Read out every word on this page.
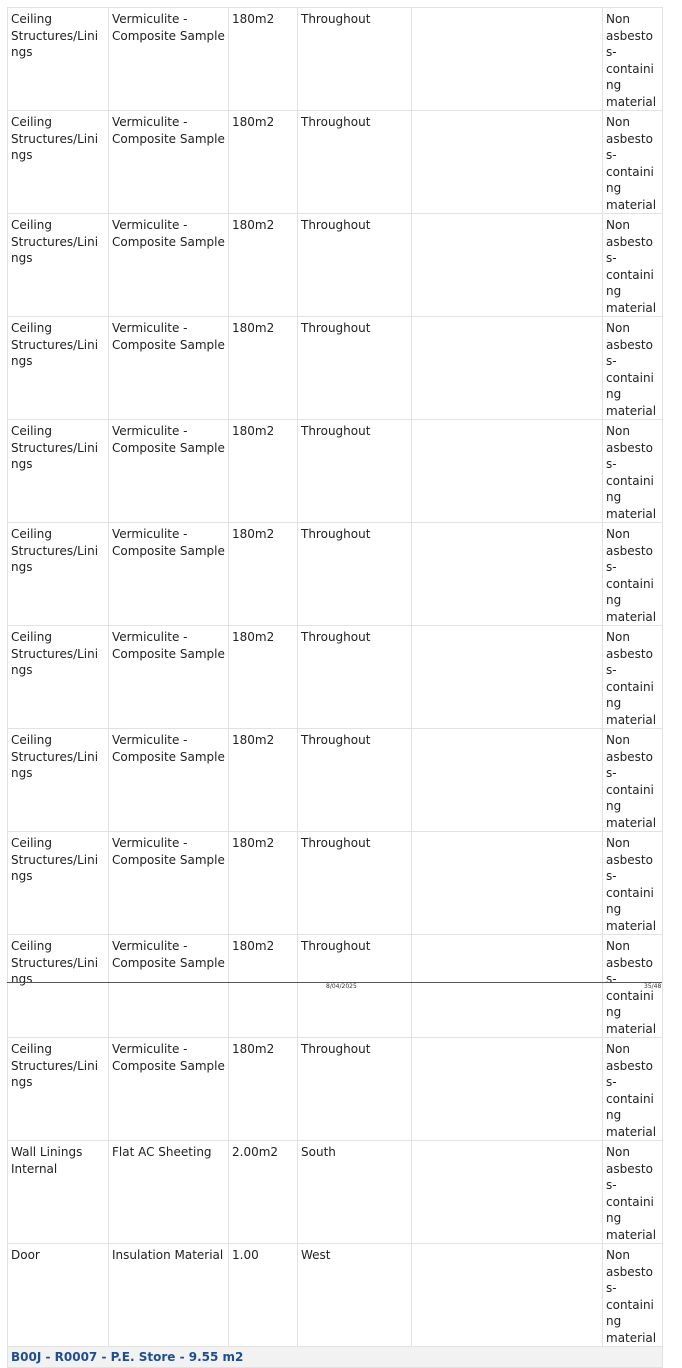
Ceiling Structures/Linings	Vermiculite - Composite Sample	180m2	Throughout		Non asbestos-containing material
Ceiling Structures/Linings	Vermiculite - Composite Sample	180m2	Throughout		Non asbestos-containing material
Ceiling Structures/Linings	Vermiculite - Composite Sample	180m2	Throughout		Non asbestos-containing material
Ceiling Structures/Linings	Vermiculite - Composite Sample	180m2	Throughout		Non asbestos-containing material
Ceiling Structures/Linings	Vermiculite - Composite Sample	180m2	Throughout		Non asbestos-containing material
Ceiling Structures/Linings	Vermiculite - Composite Sample	180m2	Throughout		Non asbestos-containing material
Ceiling Structures/Linings	Vermiculite - Composite Sample	180m2	Throughout		Non asbestos-containing material
Ceiling Structures/Linings	Vermiculite - Composite Sample	180m2	Throughout		Non asbestos-containing material
Ceiling Structures/Linings	Vermiculite - Composite Sample	180m2	Throughout		Non asbestos-containing material
Ceiling Structures/Linings	Vermiculite - Composite Sample	180m2	Throughout		Non asbestos-containing material
Ceiling Structures/Linings	Vermiculite - Composite Sample	180m2	Throughout		Non asbestos-containing material
Wall Linings Internal	Flat AC Sheeting	2.00m2	South		Non asbestos-containing material
Door	Insulation Material	1.00	West		Non asbestos-containing material
B00J - R0007 - P.E. Store - 9.55 m2					
8/04/2025	35/48
